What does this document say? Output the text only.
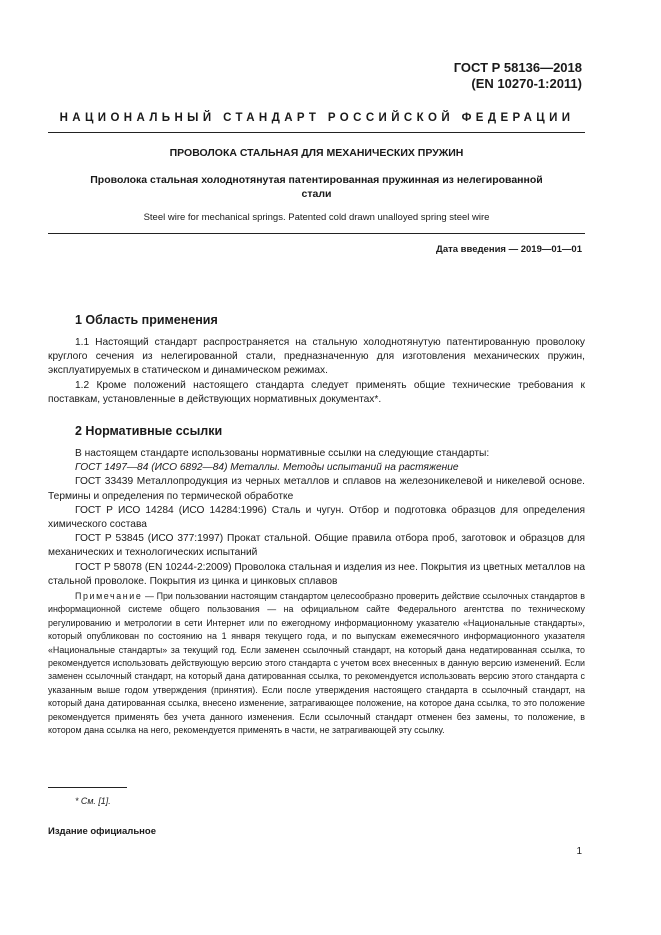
ГОСТ Р 58136—2018
(EN 10270-1:2011)
НАЦИОНАЛЬНЫЙ СТАНДАРТ РОССИЙСКОЙ ФЕДЕРАЦИИ
ПРОВОЛОКА СТАЛЬНАЯ ДЛЯ МЕХАНИЧЕСКИХ ПРУЖИН
Проволока стальная холоднотянутая патентированная пружинная из нелегированной стали
Steel wire for mechanical springs. Patented cold drawn unalloyed spring steel wire
Дата введения — 2019—01—01
1 Область применения

1.1 Настоящий стандарт распространяется на стальную холоднотянутую патентированную проволоку круглого сечения из нелегированной стали, предназначенную для изготовления механических пружин, эксплуатируемых в статическом и динамическом режимах.

1.2 Кроме положений настоящего стандарта следует применять общие технические требования к поставкам, установленные в действующих нормативных документах*.

2 Нормативные ссылки

В настоящем стандарте использованы нормативные ссылки на следующие стандарты:

ГОСТ 1497—84 (ИСО 6892—84) Металлы. Методы испытаний на растяжение

ГОСТ 33439 Металлопродукция из черных металлов и сплавов на железоникелевой и никелевой основе. Термины и определения по термической обработке

ГОСТ Р ИСО 14284 (ИСО 14284:1996) Сталь и чугун. Отбор и подготовка образцов для определения химического состава

ГОСТ Р 53845 (ИСО 377:1997) Прокат стальной. Общие правила отбора проб, заготовок и образцов для механических и технологических испытаний

ГОСТ Р 58078 (EN 10244-2:2009) Проволока стальная и изделия из нее. Покрытия из цветных металлов на стальной проволоке. Покрытия из цинка и цинковых сплавов

Примечание — При пользовании настоящим стандартом целесообразно проверить действие ссылочных стандартов в информационной системе общего пользования — на официальном сайте Федерального агентства по техническому регулированию и метрологии в сети Интернет или по ежегодному информационному указателю «Национальные стандарты», который опубликован по состоянию на 1 января текущего года, и по выпускам ежемесячного информационного указателя «Национальные стандарты» за текущий год. Если заменен ссылочный стандарт, на который дана недатированная ссылка, то рекомендуется использовать действующую версию этого стандарта с учетом всех внесенных в данную версию изменений. Если заменен ссылочный стандарт, на который дана датированная ссылка, то рекомендуется использовать версию этого стандарта с указанным выше годом утверждения (принятия). Если после утверждения настоящего стандарта в ссылочный стандарт, на который дана датированная ссылка, внесено изменение, затрагивающее положение, на которое дана ссылка, то это положение рекомендуется применять без учета данного изменения. Если ссылочный стандарт отменен без замены, то положение, в котором дана ссылка на него, рекомендуется применять в части, не затрагивающей эту ссылку.

* См. [1].
Издание официальное
1
